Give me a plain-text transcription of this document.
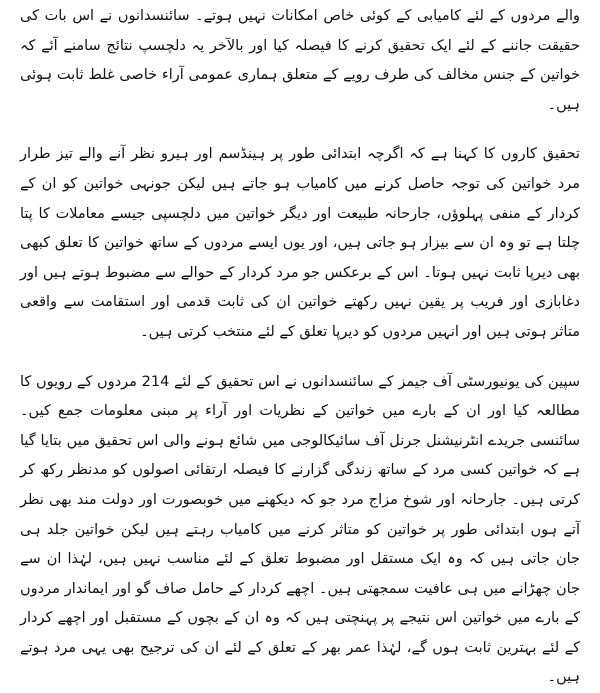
والے مردوں کے لئے کامیابی کے کوئی خاص امکانات نہیں ہوتے۔ سائنسدانوں نے اس بات کی حقیقت جاننے کے لئے ایک تحقیق کرنے کا فیصلہ کیا اور بالآخر یہ دلچسپ نتائج سامنے آئے کہ خواتین کے جنس مخالف کی طرف رویے کے متعلق ہماری عمومی آراء خاصی غلط ثابت ہوئی ہیں۔

تحقیق کاروں کا کہنا ہے کہ اگرچہ ابتدائی طور پر ہینڈسم اور ہیرو نظر آنے والے تیز طرار مرد خواتین کی توجہ حاصل کرنے میں کامیاب ہو جاتے ہیں لیکن جونہی خواتین کو ان کے کردار کے منفی پہلوؤں، جارحانہ طبیعت اور دیگر خواتین میں دلچسپی جیسے معاملات کا پتا چلتا ہے تو وہ ان سے بیزار ہو جاتی ہیں، اور یوں ایسے مردوں کے ساتھ خواتین کا تعلق کبھی بھی دیرپا ثابت نہیں ہوتا۔ اس کے برعکس جو مرد کردار کے حوالے سے مضبوط ہوتے ہیں اور دغابازی اور فریب پر یقین نہیں رکھتے خواتین ان کی ثابت قدمی اور استقامت سے واقعی متاثر ہوتی ہیں اور انہیں مردوں کو دیرپا تعلق کے لئے منتخب کرتی ہیں۔

سپین کی یونیورسٹی آف جیمز کے سائنسدانوں نے اس تحقیق کے لئے 214 مردوں کے رویوں کا مطالعہ کیا اور ان کے بارے میں خواتین کے نظریات اور آراء پر مبنی معلومات جمع کیں۔ سائنسی جریدے انٹرنیشنل جرنل آف سائیکالوجی میں شائع ہونے والی اس تحقیق میں بتایا گیا ہے کہ خواتین کسی مرد کے ساتھ زندگی گزارنے کا فیصلہ ارتقائی اصولوں کو مدنظر رکھ کر کرتی ہیں۔ جارحانہ اور شوخ مزاج مرد جو کہ دیکھنے میں خوبصورت اور دولت مند بھی نظر آتے ہوں ابتدائی طور پر خواتین کو متاثر کرنے میں کامیاب رہتے ہیں لیکن خواتین جلد ہی جان جاتی ہیں کہ وہ ایک مستقل اور مضبوط تعلق کے لئے مناسب نہیں ہیں، لہٰذا ان سے جان چھڑانے میں ہی عافیت سمجھتی ہیں۔ اچھے کردار کے حامل صاف گو اور ایماندار مردوں کے بارے میں خواتین اس نتیجے پر پہنچتی ہیں کہ وہ ان کے بچوں کے مستقبل اور اچھے کردار کے لئے بہترین ثابت ہوں گے، لہٰذا عمر بھر کے تعلق کے لئے ان کی ترجیح بھی یہی مرد ہوتے ہیں۔
